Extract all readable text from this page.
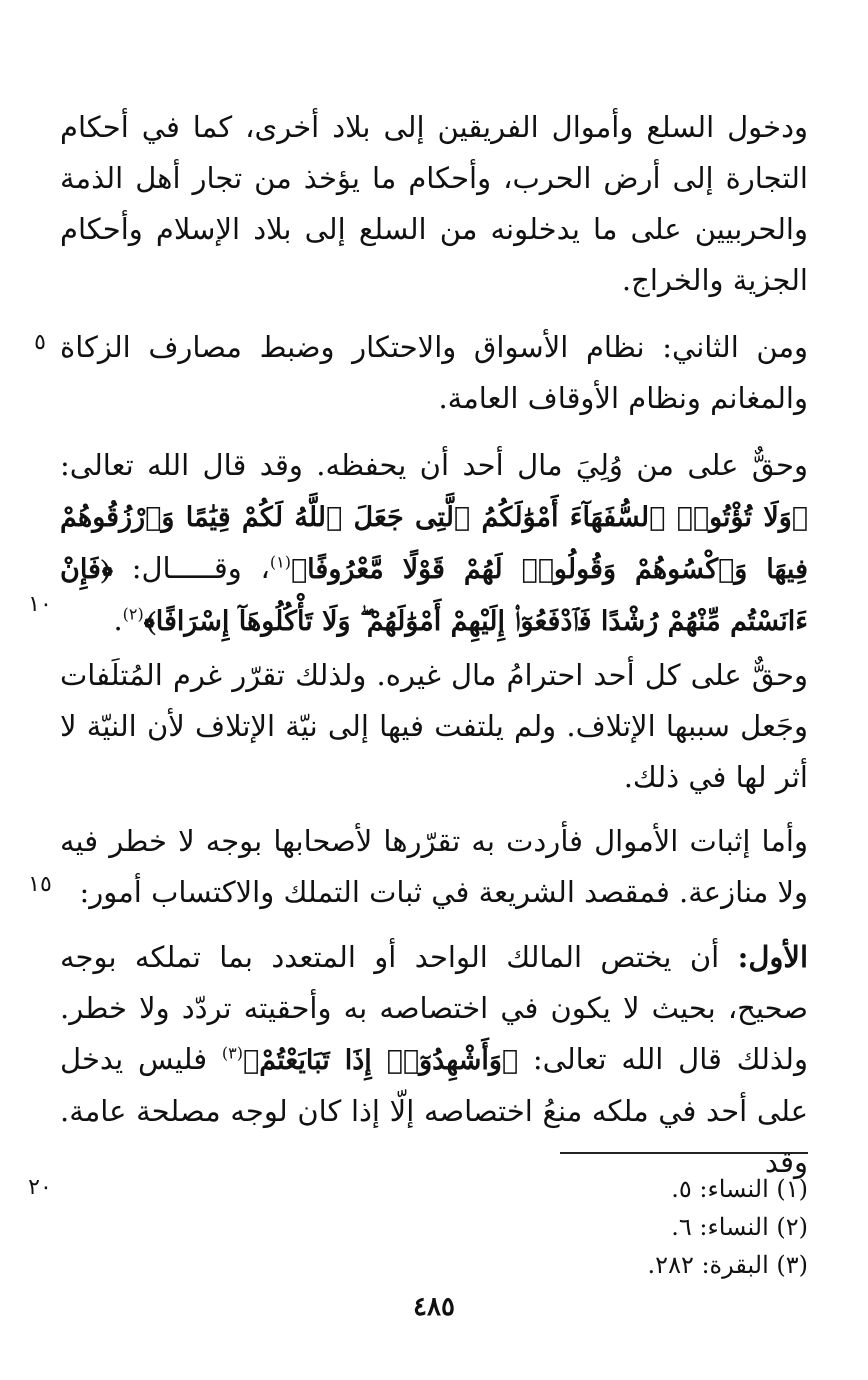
ودخول السلع وأموال الفريقين إلى بلاد أخرى، كما في أحكام التجارة إلى أرض الحرب، وأحكام ما يؤخذ من تجار أهل الذمة والحربيين على ما يدخلونه من السلع إلى بلاد الإسلام وأحكام الجزية والخراج.

ومن الثاني: نظام الأسواق والاحتكار وضبط مصارف الزكاة والمغانم ونظام الأوقاف العامة.

وحقٌّ على من وُلِيَ مال أحد أن يحفظه. وقد قال الله تعالى: ﴿وَلَا تُؤْتُوا۟ ٱلسُّفَهَآءَ أَمْوَٰلَكُمُ ٱلَّتِى جَعَلَ ٱللَّهُ لَكُمْ قِيَٰمًا وَٱرْزُقُوهُمْ فِيهَا وَٱكْسُوهُمْ وَقُولُوا۟ لَهُمْ قَوْلًا مَّعْرُوفًا﴾$^{(١)}$، وقـــــال: ﴿فَإِنْ ءَانَسْتُم مِّنْهُمْ رُشْدًا فَٱدْفَعُوٓا۟ إِلَيْهِمْ أَمْوَٰلَهُمْ ۖ وَلَا تَأْكُلُوهَآ إِسْرَافًا﴾$^{(٢)}$.

وحقٌّ على كل أحد احترامُ مال غيره. ولذلك تقرّر غرم المُتلَفات وجَعل سببها الإتلاف. ولم يلتفت فيها إلى نيّة الإتلاف لأن النيّة لا أثر لها في ذلك.

وأما إثبات الأموال فأردت به تقرّرها لأصحابها بوجه لا خطر فيه ولا منازعة. فمقصد الشريعة في ثبات التملك والاكتساب أمور:

الأول: أن يختص المالك الواحد أو المتعدد بما تملكه بوجه صحيح، بحيث لا يكون في اختصاصه به وأحقيته تردّد ولا خطر. ولذلك قال الله تعالى: ﴿وَأَشْهِدُوٓا۟ إِذَا تَبَايَعْتُمْ﴾$^{(٣)}$ فليس يدخل على أحد في ملكه منعُ اختصاصه إلّا إذا كان لوجه مصلحة عامة. وقد

٥
١٠
١٥
٢٠	(١) النساء: ٥.
(٢) النساء: ٦.
(٣) البقرة: ٢٨٢.
٤٨٥
